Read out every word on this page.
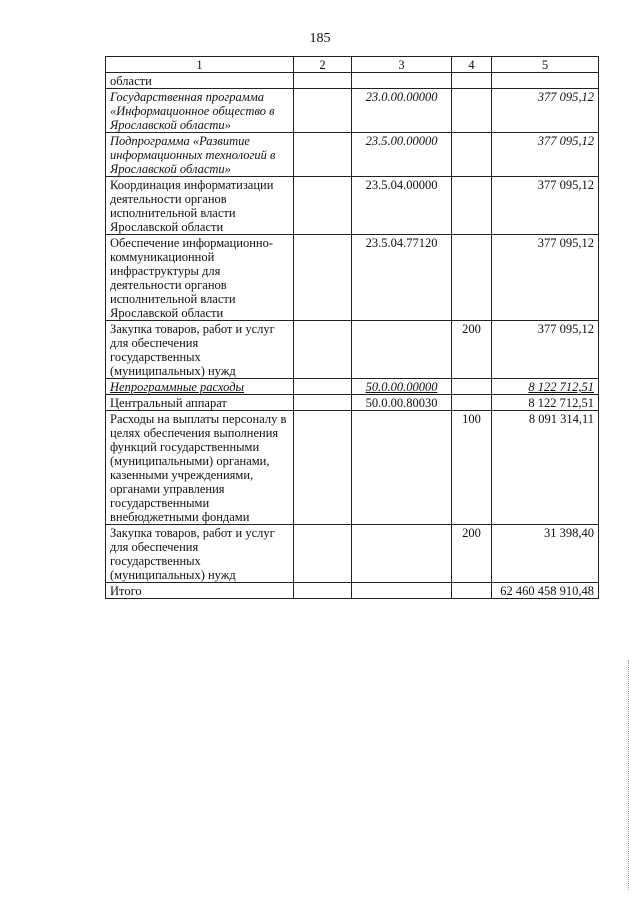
185
1	2	3	4	5
области				
Государственная программа «Информационное общество в Ярославской области»		23.0.00.00000		377 095,12
Подпрограмма «Развитие информационных технологий в Ярославской области»		23.5.00.00000		377 095,12
Координация информатизации деятельности органов исполнительной власти Ярославской области		23.5.04.00000		377 095,12
Обеспечение информационно-коммуникационной инфраструктуры для деятельности органов исполнительной власти Ярославской области		23.5.04.77120		377 095,12
Закупка товаров, работ и услуг для обеспечения государственных (муниципальных) нужд			200	377 095,12
Непрограммные расходы		50.0.00.00000		8 122 712,51
Центральный аппарат		50.0.00.80030		8 122 712,51
Расходы на выплаты персоналу в целях обеспечения выполнения функций государственными (муниципальными) органами, казенными учреждениями, органами управления государственными внебюджетными фондами			100	8 091 314,11
Закупка товаров, работ и услуг для обеспечения государственных (муниципальных) нужд			200	31 398,40
Итого				62 460 458 910,48
